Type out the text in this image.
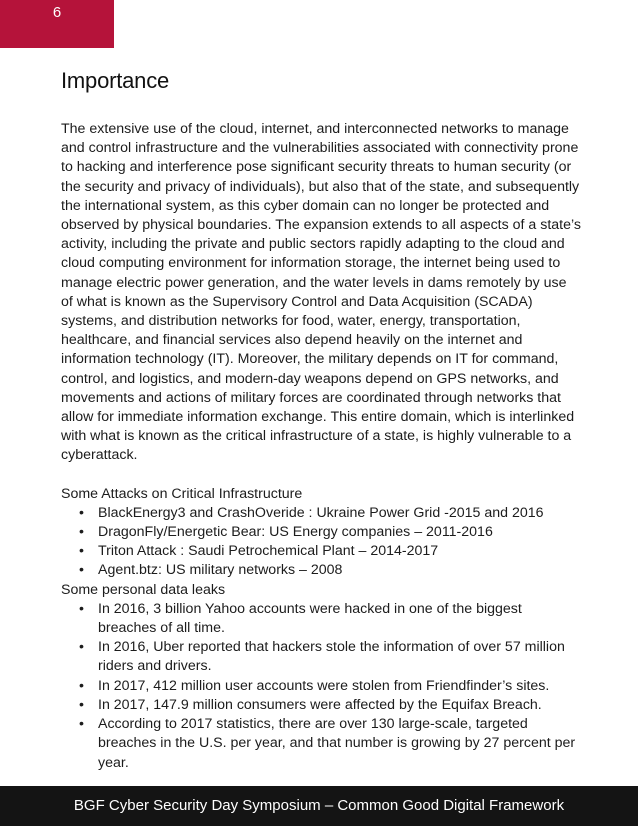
6
Importance

The extensive use of the cloud, internet, and interconnected networks to manage and control infrastructure and the vulnerabilities associated with connectivity prone to hacking and interference pose significant security threats to human security (or the security and privacy of individuals), but also that of the state, and subsequently the international system, as this cyber domain can no longer be protected and observed by physical boundaries. The expansion extends to all aspects of a state’s activity, including the private and public sectors rapidly adapting to the cloud and cloud computing environment for information storage, the internet being used to manage electric power generation, and the water levels in dams remotely by use of what is known as the Supervisory Control and Data Acquisition (SCADA) systems, and distribution networks for food, water, energy, transportation, healthcare, and financial services also depend heavily on the internet and information technology (IT). Moreover, the military depends on IT for command, control, and logistics, and modern-day weapons depend on GPS networks, and movements and actions of military forces are coordinated through networks that allow for immediate information exchange. This entire domain, which is interlinked with what is known as the critical infrastructure of a state, is highly vulnerable to a cyberattack.

Some Attacks on Critical Infrastructure

• BlackEnergy3 and CrashOveride : Ukraine Power Grid -2015 and 2016
• DragonFly/Energetic Bear: US Energy companies – 2011-2016
• Triton Attack : Saudi Petrochemical Plant – 2014-2017
• Agent.btz: US military networks – 2008

Some personal data leaks

• In 2016, 3 billion Yahoo accounts were hacked in one of the biggest breaches of all time.
• In 2016, Uber reported that hackers stole the information of over 57 million riders and drivers.
• In 2017, 412 million user accounts were stolen from Friendfinder’s sites.
• In 2017, 147.9 million consumers were affected by the Equifax Breach.
• According to 2017 statistics, there are over 130 large-scale, targeted breaches in the U.S. per year, and that number is growing by 27 percent per year.
BGF Cyber Security Day Symposium – Common Good Digital Framework
